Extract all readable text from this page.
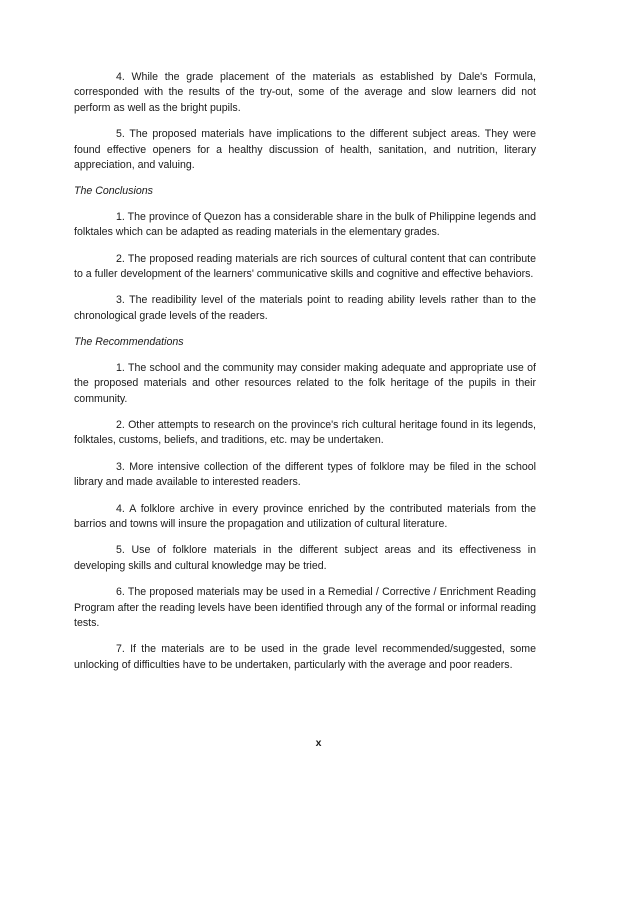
4. While the grade placement of the materials as established by Dale's Formula, corresponded with the results of the try-out, some of the average and slow learners did not perform as well as the bright pupils.

5. The proposed materials have implications to the different subject areas. They were found effective openers for a healthy discussion of health, sanitation, and nutrition, literary appreciation, and valuing.

The Conclusions

1. The province of Quezon has a considerable share in the bulk of Philippine legends and folktales which can be adapted as reading materials in the elementary grades.

2. The proposed reading materials are rich sources of cultural content that can contribute to a fuller development of the learners' communicative skills and cognitive and effective behaviors.

3. The readibility level of the materials point to reading ability levels rather than to the chronological grade levels of the readers.

The Recommendations

1. The school and the community may consider making adequate and appropriate use of the proposed materials and other resources related to the folk heritage of the pupils in their community.

2. Other attempts to research on the province's rich cultural heritage found in its legends, folktales, customs, beliefs, and traditions, etc. may be undertaken.

3. More intensive collection of the different types of folklore may be filed in the school library and made available to interested readers.

4. A folklore archive in every province enriched by the contributed materials from the barrios and towns will insure the propagation and utilization of cultural literature.

5. Use of folklore materials in the different subject areas and its effectiveness in developing skills and cultural knowledge may be tried.

6. The proposed materials may be used in a Remedial / Corrective / Enrichment Reading Program after the reading levels have been identified through any of the formal or informal reading tests.

7. If the materials are to be used in the grade level recommended/suggested, some unlocking of difficulties have to be undertaken, particularly with the average and poor readers.

x
